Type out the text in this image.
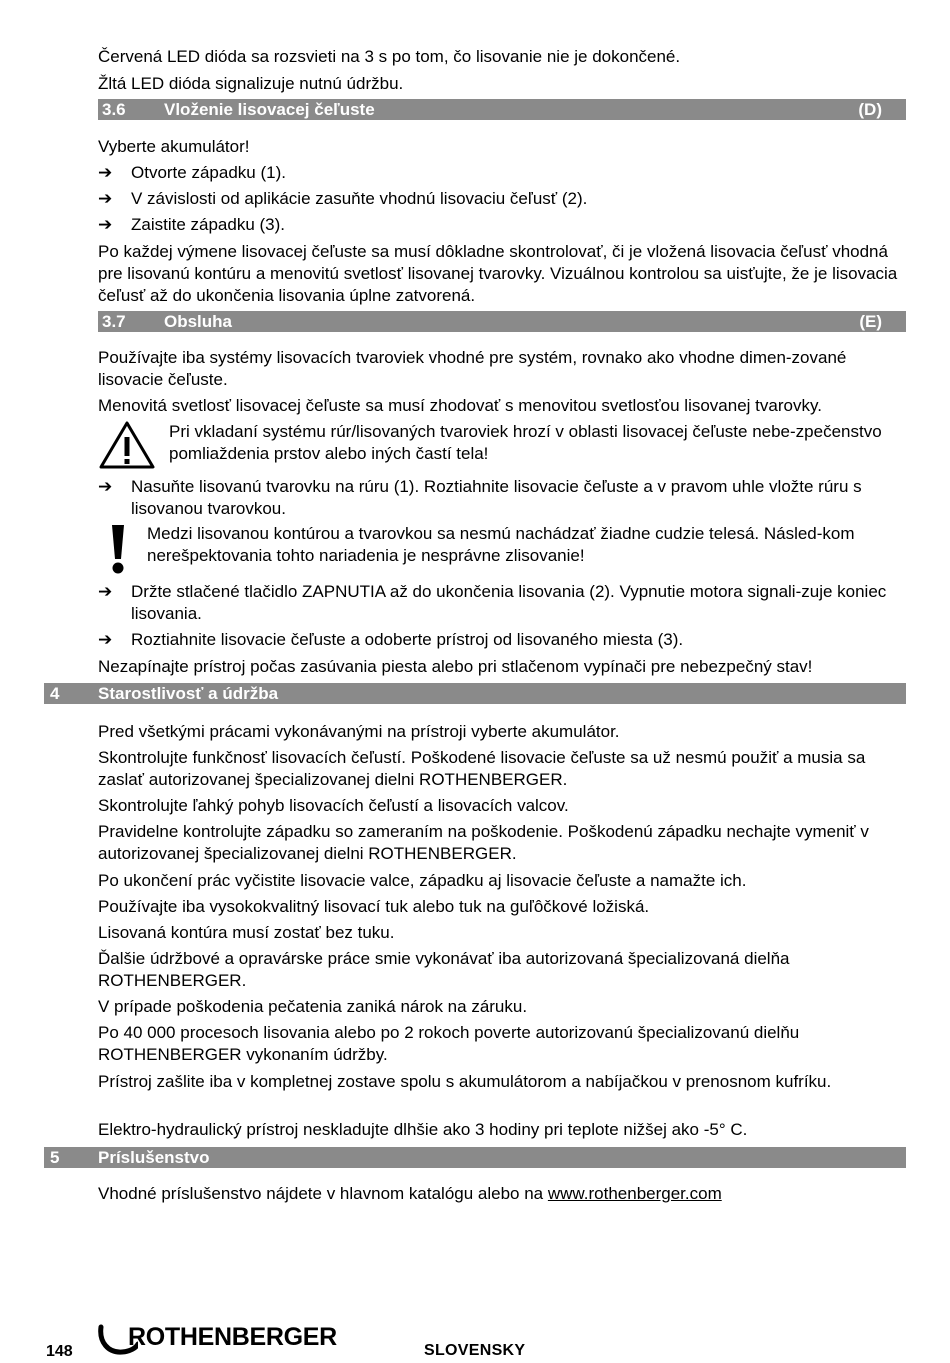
Červená LED dióda sa rozsvieti na 3 s po tom, čo lisovanie nie je dokončené.

Žltá LED dióda signalizuje nutnú údržbu.

3.6 Vloženie lisovacej čeľuste	(D)

Vyberte akumulátor!

➔	Otvorte západku (1).
➔	V závislosti od aplikácie zasuňte vhodnú lisovaciu čeľusť (2).
➔	Zaistite západku (3).

Po každej výmene lisovacej čeľuste sa musí dôkladne skontrolovať, či je vložená lisovacia čeľusť vhodná pre lisovanú kontúru a menovitú svetlosť lisovanej tvarovky. Vizuálnou kontrolou sa uisťujte, že je lisovacia čeľusť až do ukončenia lisovania úplne zatvorená.

3.7 Obsluha	(E)

Používajte iba systémy lisovacích tvaroviek vhodné pre systém, rovnako ako vhodne dimen-zované lisovacie čeľuste.

Menovitá svetlosť lisovacej čeľuste sa musí zhodovať s menovitou svetlosťou lisovanej tvarovky.

Pri vkladaní systému rúr/lisovaných tvaroviek hrozí v oblasti lisovacej čeľuste nebe-zpečenstvo pomliaždenia prstov alebo iných častí tela!

➔	Nasuňte lisovanú tvarovku na rúru (1). Roztiahnite lisovacie čeľuste a v pravom uhle vložte rúru s lisovanou tvarovkou.

Medzi lisovanou kontúrou a tvarovkou sa nesmú nachádzať žiadne cudzie telesá. Násled-kom nerešpektovania tohto nariadenia je nesprávne zlisovanie!

➔	Držte stlačené tlačidlo ZAPNUTIA až do ukončenia lisovania (2). Vypnutie motora signali-zuje koniec lisovania.
➔	Roztiahnite lisovacie čeľuste a odoberte prístroj od lisovaného miesta (3).

Nezapínajte prístroj počas zasúvania piesta alebo pri stlačenom vypínači pre nebezpečný stav!

4 Starostlivosť a údržba

Pred všetkými prácami vykonávanými na prístroji vyberte akumulátor.

Skontrolujte funkčnosť lisovacích čeľustí. Poškodené lisovacie čeľuste sa už nesmú použiť a musia sa zaslať autorizovanej špecializovanej dielni ROTHENBERGER.

Skontrolujte ľahký pohyb lisovacích čeľustí a lisovacích valcov.

Pravidelne kontrolujte západku so zameraním na poškodenie. Poškodenú západku nechajte vymeniť v autorizovanej špecializovanej dielni ROTHENBERGER.

Po ukončení prác vyčistite lisovacie valce, západku aj lisovacie čeľuste a namažte ich.

Používajte iba vysokokvalitný lisovací tuk alebo tuk na guľôčkové ložiská.

Lisovaná kontúra musí zostať bez tuku.

Ďalšie údržbové a opravárske práce smie vykonávať iba autorizovaná špecializovaná dielňa ROTHENBERGER.

V prípade poškodenia pečatenia zaniká nárok na záruku.

Po 40 000 procesoch lisovania alebo po 2 rokoch poverte autorizovanú špecializovanú dielňu ROTHENBERGER vykonaním údržby.

Prístroj zašlite iba v kompletnej zostave spolu s akumulátorom a nabíjačkou v prenosnom kufríku.

Elektro-hydraulický prístroj neskladujte dlhšie ako 3 hodiny pri teplote nižšej ako -5° C.

5 Príslušenstvo

Vhodné príslušenstvo nájdete v hlavnom katalógu alebo na www.rothenberger.com

148
ROTHENBERGER	SLOVENSKY
